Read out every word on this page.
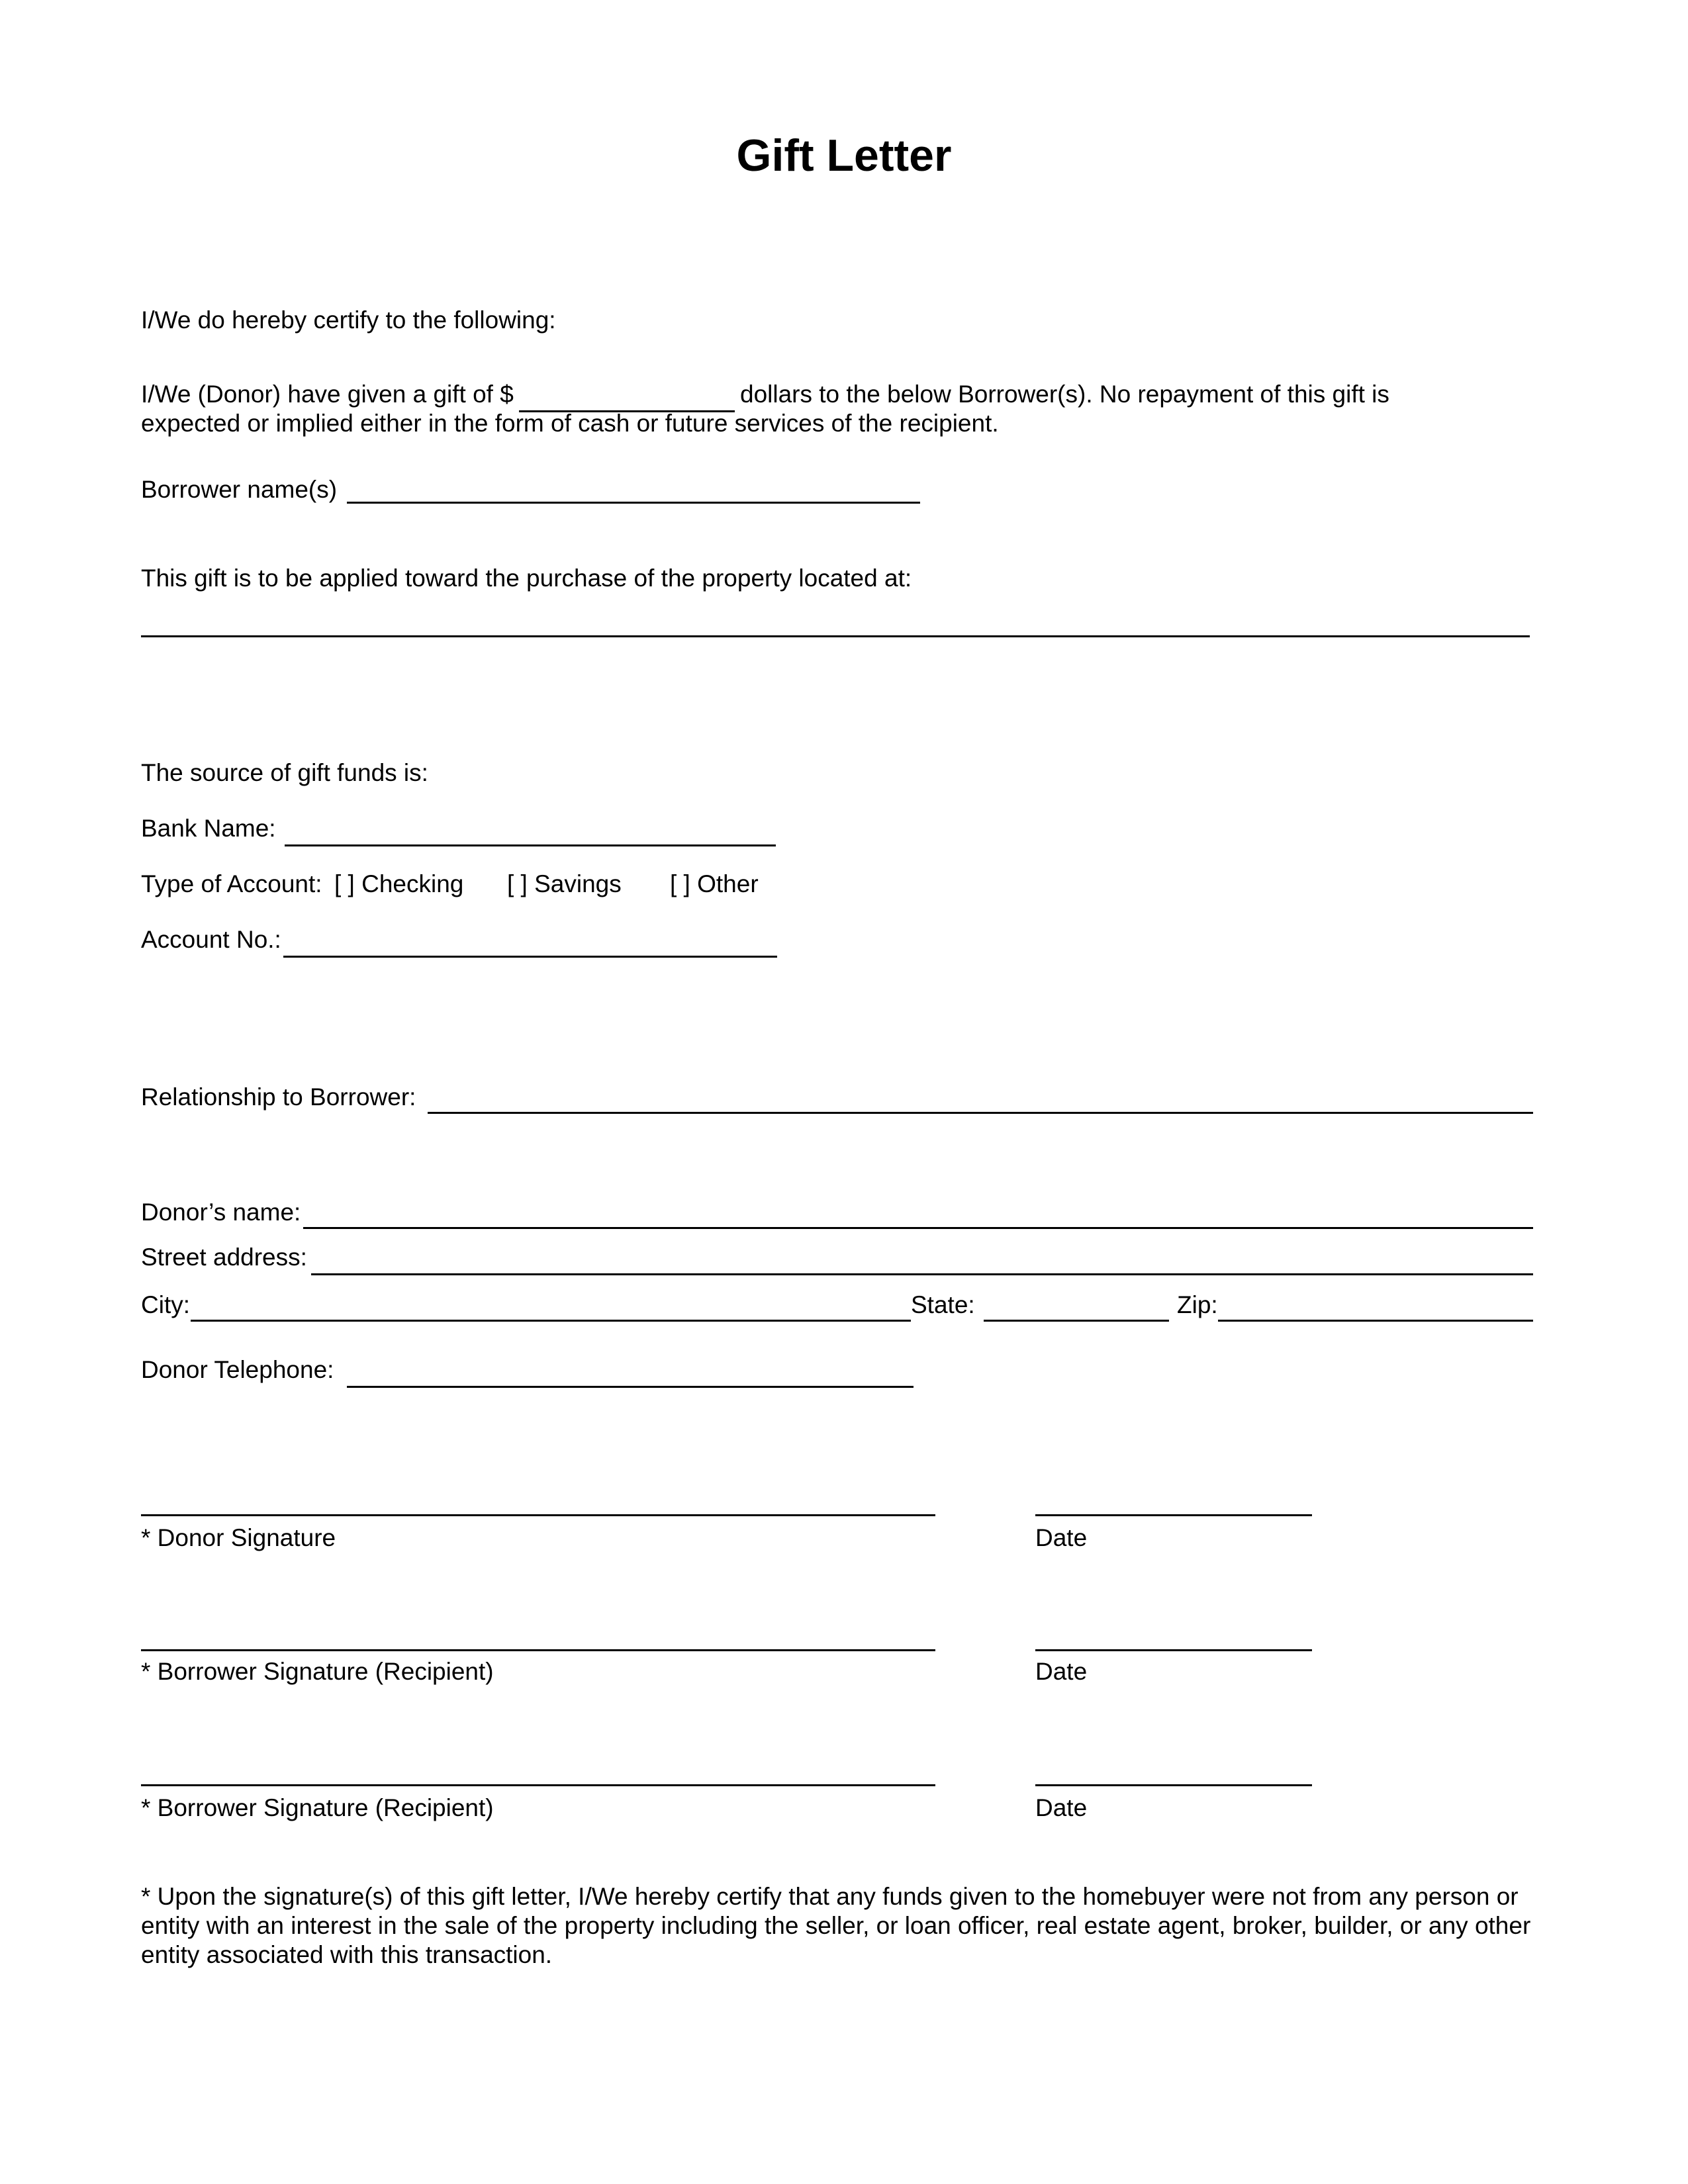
Gift Letter
I/We do hereby certify to the following:
I/We (Donor) have given a gift of $	dollars to the below Borrower(s). No repayment of this gift is
expected or implied either in the form of cash or future services of the recipient.
Borrower name(s)
This gift is to be applied toward the purchase of the property located at:
The source of gift funds is:
Bank Name:
Type of Account: [ ] Checking [ ] Savings [ ] Other
Account No.:
Relationship to Borrower:
Donor’s name:
Street address:
City:	State:	Zip:
Donor Telephone:
* Donor Signature	Date
* Borrower Signature (Recipient)	Date
* Borrower Signature (Recipient)	Date
* Upon the signature(s) of this gift letter, I/We hereby certify that any funds given to the homebuyer were not from any person or entity with an interest in the sale of the property including the seller, or loan officer, real estate agent, broker, builder, or any other entity associated with this transaction.
